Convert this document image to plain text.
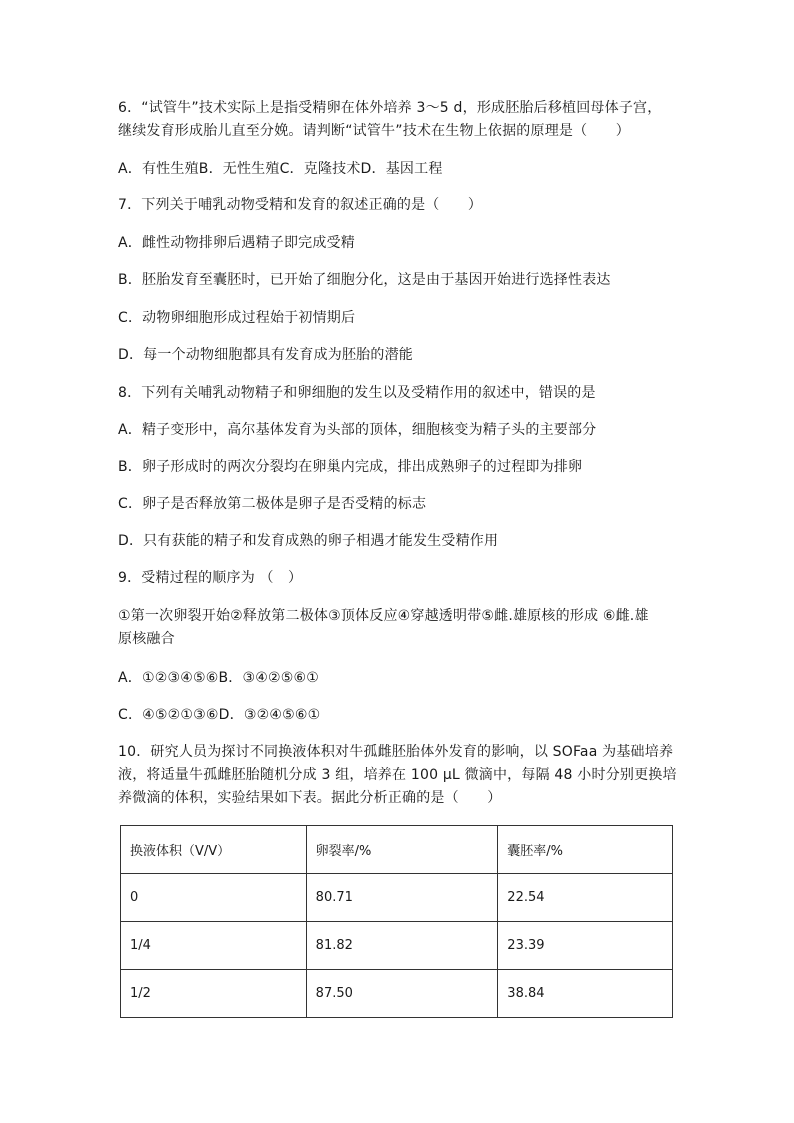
6．“试管牛”技术实际上是指受精卵在体外培养 3～5 d，形成胚胎后移植回母体子宫，
继续发育形成胎儿直至分娩。请判断“试管牛”技术在生物上依据的原理是（　　）
A．有性生殖B．无性生殖C．克隆技术D．基因工程
7．下列关于哺乳动物受精和发育的叙述正确的是（　　）
A．雌性动物排卵后遇精子即完成受精
B．胚胎发育至囊胚时，已开始了细胞分化，这是由于基因开始进行选择性表达
C．动物卵细胞形成过程始于初情期后
D．每一个动物细胞都具有发育成为胚胎的潜能
8．下列有关哺乳动物精子和卵细胞的发生以及受精作用的叙述中，错误的是
A．精子变形中，高尔基体发育为头部的顶体，细胞核变为精子头的主要部分
B．卵子形成时的两次分裂均在卵巢内完成，排出成熟卵子的过程即为排卵
C．卵子是否释放第二极体是卵子是否受精的标志
D．只有获能的精子和发育成熟的卵子相遇才能发生受精作用
9．受精过程的顺序为 （　）
①第一次卵裂开始②释放第二极体③顶体反应④穿越透明带⑤雌.雄原核的形成 ⑥雌.雄
原核融合
A．①②③④⑤⑥B．③④②⑤⑥①
C．④⑤②①③⑥D．③②④⑤⑥①
10．研究人员为探讨不同换液体积对牛孤雌胚胎体外发育的影响，以 SOFaa 为基础培养
液，将适量牛孤雌胚胎随机分成 3 组，培养在 100 μL 微滴中，每隔 48 小时分别更换培
养微滴的体积，实验结果如下表。据此分析正确的是（　　）
换液体积（V/V）	卵裂率/%	囊胚率/%
0	80.71	22.54
1/4	81.82	23.39
1/2	87.50	38.84
